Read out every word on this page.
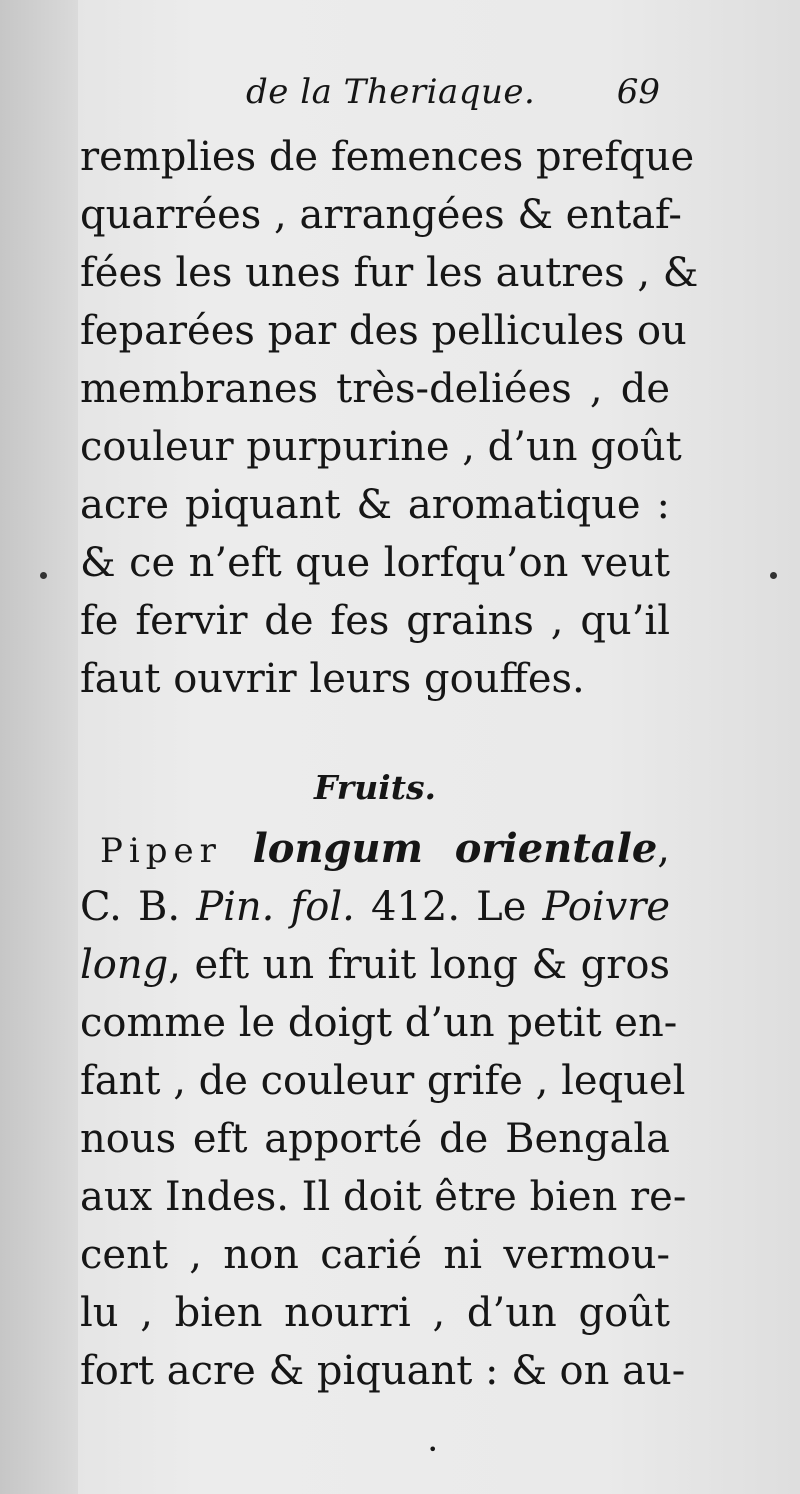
de la Theriaque. 69
remplies de femences prefque
quarrées , arrangées & entaf-
fées les unes fur les autres , &
feparées par des pellicules ou
membranes très-deliées , de
couleur purpurine , d’un goût
acre piquant & aromatique :
& ce n’eft que lorfqu’on veut
fe fervir de fes grains , qu’il
faut ouvrir leurs gouffes.
Fruits.
Piper longum orientale,
C. B. Pin. fol. 412. Le Poivre
long, eft un fruit long & gros
comme le doigt d’un petit en-
fant , de couleur grife , lequel
nous eft apporté de Bengala
aux Indes. Il doit être bien re-
cent , non carié ni vermou-
lu , bien nourri , d’un goût
fort acre & piquant : & on au-
•
